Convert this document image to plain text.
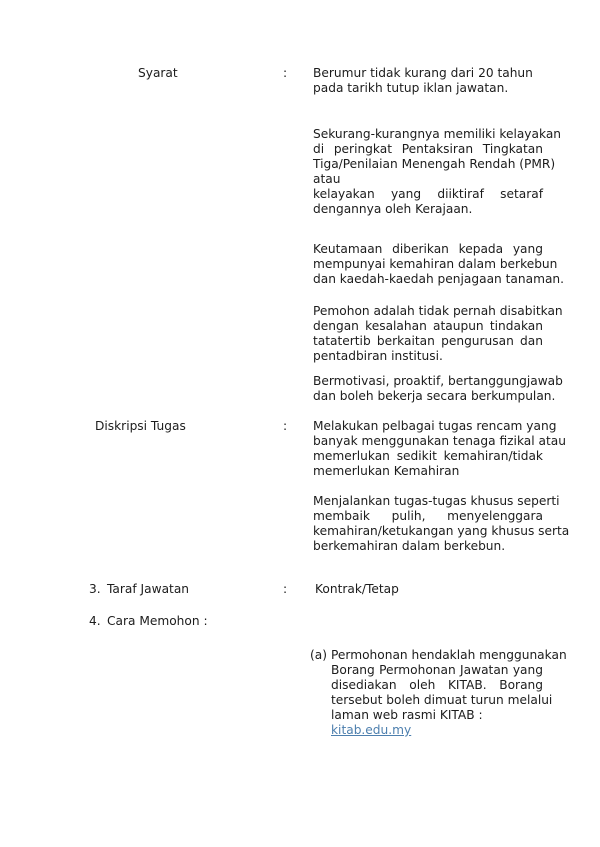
Syarat	: Berumur tidak kurang dari 20 tahun
pada tarikh tutup iklan jawatan.
Sekurang-kurangnya memiliki kelayakan
di peringkat Pentaksiran Tingkatan
Tiga/Penilaian Menengah Rendah (PMR)
atau
kelayakan yang diiktiraf setaraf
dengannya oleh Kerajaan.
Keutamaan diberikan kepada yang
mempunyai kemahiran dalam berkebun
dan kaedah-kaedah penjagaan tanaman.
Pemohon adalah tidak pernah disabitkan
dengan kesalahan ataupun tindakan
tatatertib berkaitan pengurusan dan
pentadbiran institusi.
Bermotivasi, proaktif, bertanggungjawab
dan boleh bekerja secara berkumpulan.
Diskripsi Tugas	: Melakukan pelbagai tugas rencam yang
banyak menggunakan tenaga fizikal atau
memerlukan sedikit kemahiran/tidak
memerlukan Kemahiran
Menjalankan tugas-tugas khusus seperti
membaik pulih, menyelenggara
kemahiran/ketukangan yang khusus serta
berkemahiran dalam berkebun.
3. Taraf Jawatan	: Kontrak/Tetap
4. Cara Memohon :
(a) Permohonan hendaklah menggunakan
Borang Permohonan Jawatan yang
disediakan oleh KITAB. Borang
tersebut boleh dimuat turun melalui
laman web rasmi KITAB :
kitab.edu.my
